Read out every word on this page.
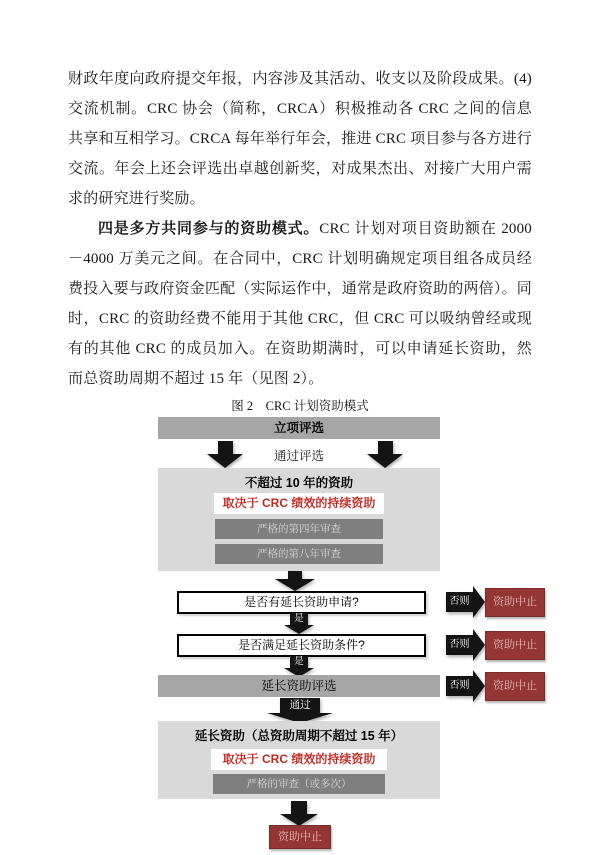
财政年度向政府提交年报，内容涉及其活动、收支以及阶段成果。(4) 交流机制。CRC 协会（简称，CRCA）积极推动各 CRC 之间的信息共享和互相学习。CRCA 每年举行年会，推进 CRC 项目参与各方进行交流。年会上还会评选出卓越创新奖，对成果杰出、对接广大用户需求的研究进行奖励。

四是多方共同参与的资助模式。CRC 计划对项目资助额在 2000－4000 万美元之间。在合同中，CRC 计划明确规定项目组各成员经费投入要与政府资金匹配（实际运作中，通常是政府资助的两倍）。同时，CRC 的资助经费不能用于其他 CRC，但 CRC 可以吸纳曾经或现有的其他 CRC 的成员加入。在资助期满时，可以申请延长资助，然而总资助周期不超过 15 年（见图 2）。

图 2　CRC 计划资助模式
立项评选
通过评选
不超过 10 年的资助
取决于 CRC 绩效的持续资助
严格的第四年审查
严格的第八年审查
是否有延长资助申请?	否则	资助中止
是
是否满足延长资助条件?	否则	资助中止
是
延长资助评选	否则	资助中止
通过
延长资助（总资助周期不超过 15 年）
取决于 CRC 绩效的持续资助
严格的审查（或多次）
资助中止
